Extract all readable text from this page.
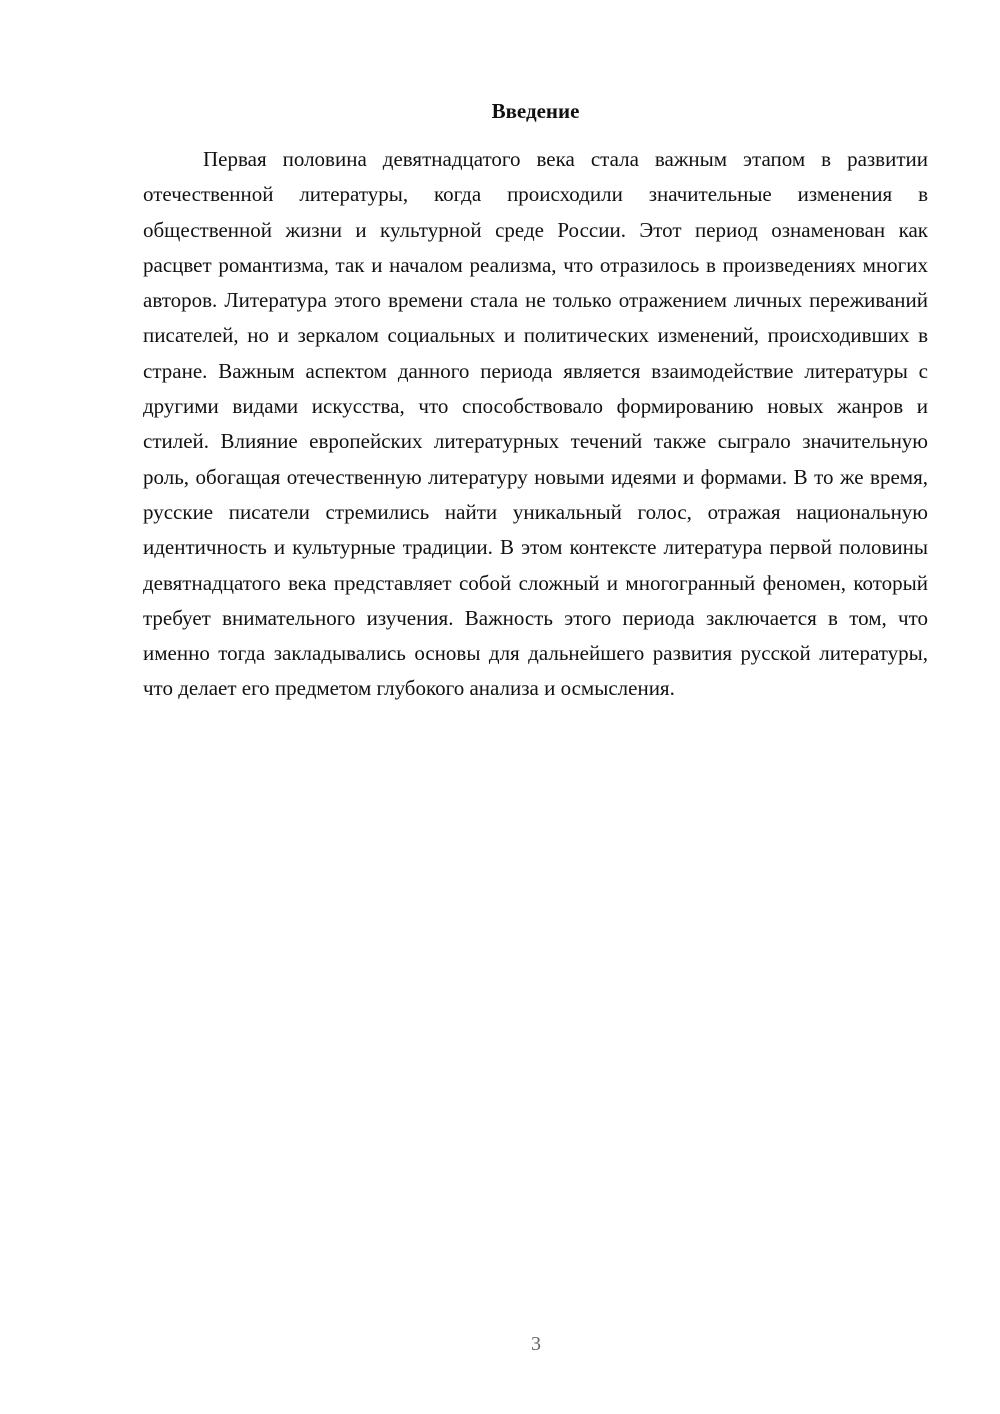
Введение

Первая половина девятнадцатого века стала важным этапом в развитии отечественной литературы, когда происходили значительные изменения в общественной жизни и культурной среде России. Этот период ознаменован как расцвет романтизма, так и началом реализма, что отразилось в произведениях многих авторов. Литература этого времени стала не только отражением личных переживаний писателей, но и зеркалом социальных и политических изменений, происходивших в стране. Важным аспектом данного периода является взаимодействие литературы с другими видами искусства, что способствовало формированию новых жанров и стилей. Влияние европейских литературных течений также сыграло значительную роль, обогащая отечественную литературу новыми идеями и формами. В то же время, русские писатели стремились найти уникальный голос, отражая национальную идентичность и культурные традиции. В этом контексте литература первой половины девятнадцатого века представляет собой сложный и многогранный феномен, который требует внимательного изучения. Важность этого периода заключается в том, что именно тогда закладывались основы для дальнейшего развития русской литературы, что делает его предметом глубокого анализа и осмысления.

3
